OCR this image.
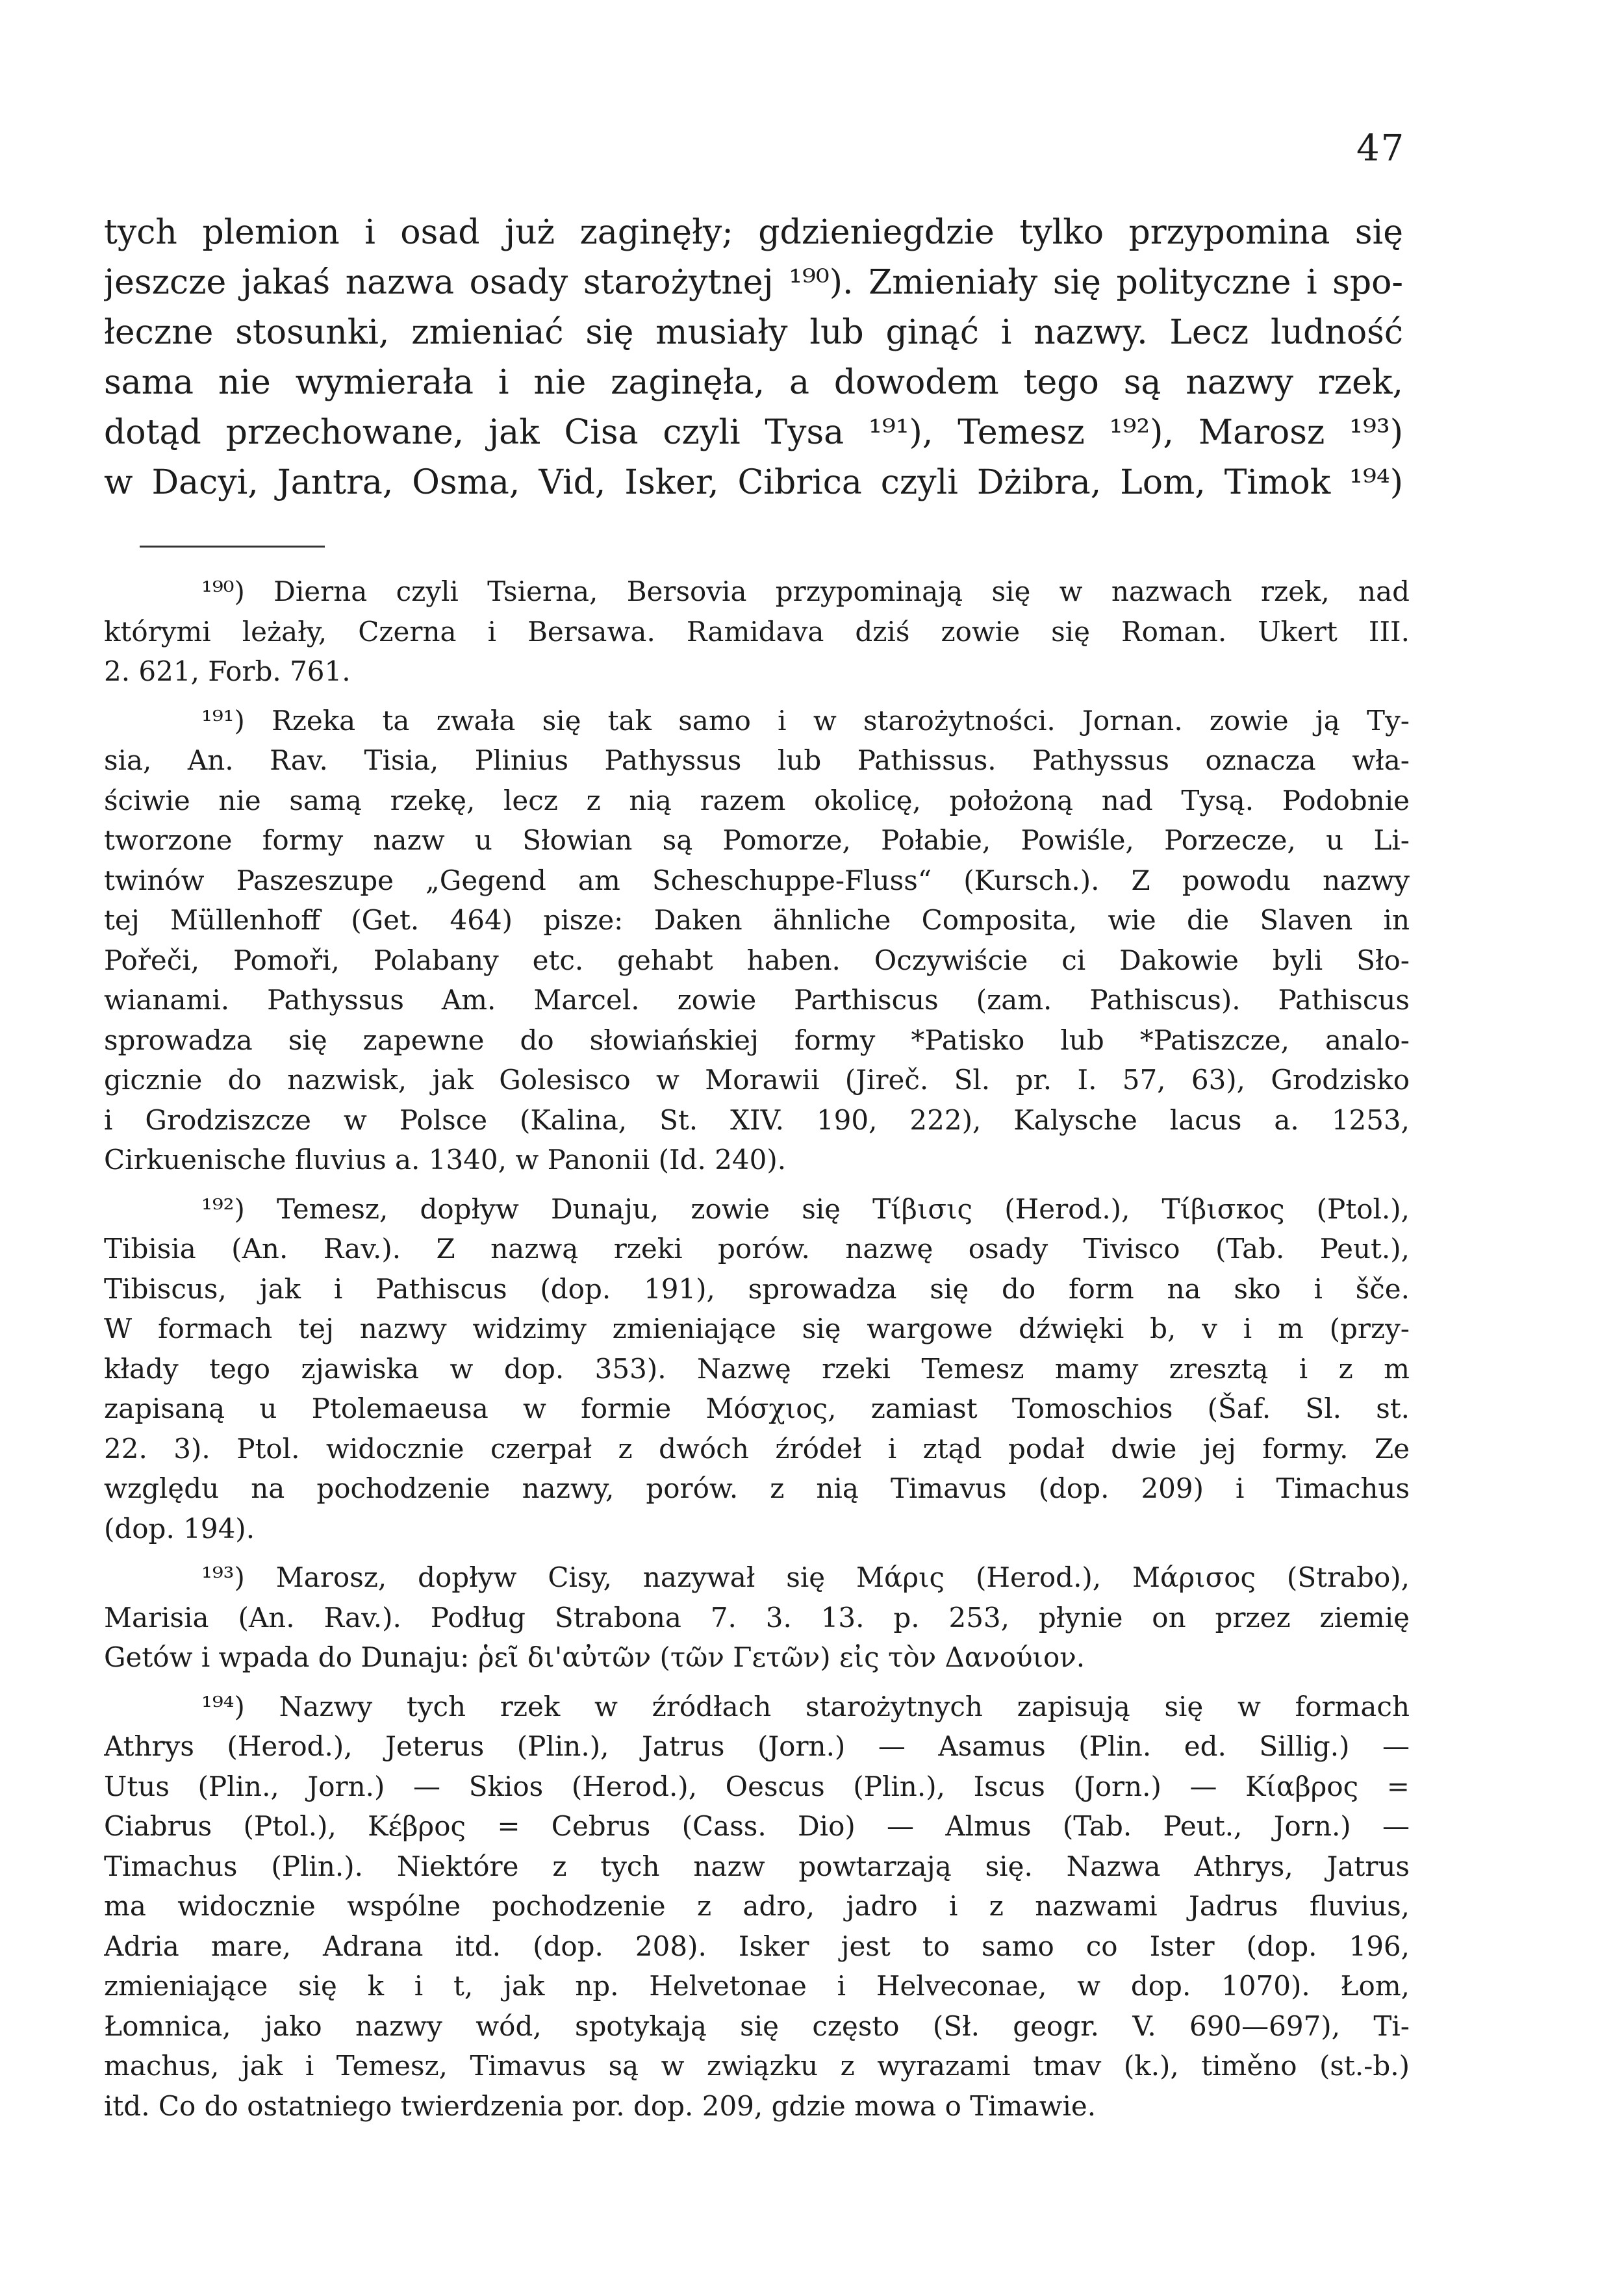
47
tych plemion i osad już zaginęły; gdzieniegdzie tylko przypomina się
jeszcze jakaś nazwa osady starożytnej ¹⁹⁰). Zmieniały się polityczne i spo-
łeczne stosunki, zmieniać się musiały lub ginąć i nazwy. Lecz ludność
sama nie wymierała i nie zaginęła, a dowodem tego są nazwy rzek,
dotąd przechowane, jak Cisa czyli Tysa ¹⁹¹), Temesz ¹⁹²), Marosz ¹⁹³)
w Dacyi, Jantra, Osma, Vid, Isker, Cibrica czyli Dżibra, Lom, Timok ¹⁹⁴)
¹⁹⁰) Dierna czyli Tsierna, Bersovia przypominają się w nazwach rzek, nad
którymi leżały, Czerna i Bersawa. Ramidava dziś zowie się Roman. Ukert III.
2. 621, Forb. 761.
¹⁹¹) Rzeka ta zwała się tak samo i w starożytności. Jornan. zowie ją Ty-
sia, An. Rav. Tisia, Plinius Pathyssus lub Pathissus. Pathyssus oznacza wła-
ściwie nie samą rzekę, lecz z nią razem okolicę, położoną nad Tysą. Podobnie
tworzone formy nazw u Słowian są Pomorze, Połabie, Powiśle, Porzecze, u Li-
twinów Paszeszupe „Gegend am Scheschuppe-Fluss“ (Kursch.). Z powodu nazwy
tej Müllenhoff (Get. 464) pisze: Daken ähnliche Composita, wie die Slaven in
Pořeči, Pomoři, Polabany etc. gehabt haben. Oczywiście ci Dakowie byli Sło-
wianami. Pathyssus Am. Marcel. zowie Parthiscus (zam. Pathiscus). Pathiscus
sprowadza się zapewne do słowiańskiej formy *Patisko lub *Patiszcze, analo-
gicznie do nazwisk, jak Golesisco w Morawii (Jireč. Sl. pr. I. 57, 63), Grodzisko
i Grodziszcze w Polsce (Kalina, St. XIV. 190, 222), Kalysche lacus a. 1253,
Cirkuenische fluvius a. 1340, w Panonii (Id. 240).
¹⁹²) Temesz, dopływ Dunaju, zowie się Τίβισις (Herod.), Τίβισκος (Ptol.),
Tibisia (An. Rav.). Z nazwą rzeki porów. nazwę osady Tivisco (Tab. Peut.),
Tibiscus, jak i Pathiscus (dop. 191), sprowadza się do form na sko i šče.
W formach tej nazwy widzimy zmieniające się wargowe dźwięki b, v i m (przy-
kłady tego zjawiska w dop. 353). Nazwę rzeki Temesz mamy zresztą i z m
zapisaną u Ptolemaeusa w formie Μόσχιος, zamiast Tomoschios (Šaf. Sl. st.
22. 3). Ptol. widocznie czerpał z dwóch źródeł i ztąd podał dwie jej formy. Ze
względu na pochodzenie nazwy, porów. z nią Timavus (dop. 209) i Timachus
(dop. 194).
¹⁹³) Marosz, dopływ Cisy, nazywał się Μάρις (Herod.), Μάρισος (Strabo),
Marisia (An. Rav.). Podług Strabona 7. 3. 13. p. 253, płynie on przez ziemię
Getów i wpada do Dunaju: ῥεῖ δι'αὐτῶν (τῶν Γετῶν) εἰς τὸν Δανούιον.
¹⁹⁴) Nazwy tych rzek w źródłach starożytnych zapisują się w formach
Athrys (Herod.), Jeterus (Plin.), Jatrus (Jorn.) — Asamus (Plin. ed. Sillig.) —
Utus (Plin., Jorn.) — Skios (Herod.), Oescus (Plin.), Iscus (Jorn.) — Κίαβρος =
Ciabrus (Ptol.), Κέβρος = Cebrus (Cass. Dio) — Almus (Tab. Peut., Jorn.) —
Timachus (Plin.). Niektóre z tych nazw powtarzają się. Nazwa Athrys, Jatrus
ma widocznie wspólne pochodzenie z adro, jadro i z nazwami Jadrus fluvius,
Adria mare, Adrana itd. (dop. 208). Isker jest to samo co Ister (dop. 196,
zmieniające się k i t, jak np. Helvetonae i Helveconae, w dop. 1070). Łom,
Łomnica, jako nazwy wód, spotykają się często (Sł. geogr. V. 690—697), Ti-
machus, jak i Temesz, Timavus są w związku z wyrazami tmav (k.), timěno (st.-b.)
itd. Co do ostatniego twierdzenia por. dop. 209, gdzie mowa o Timawie.
